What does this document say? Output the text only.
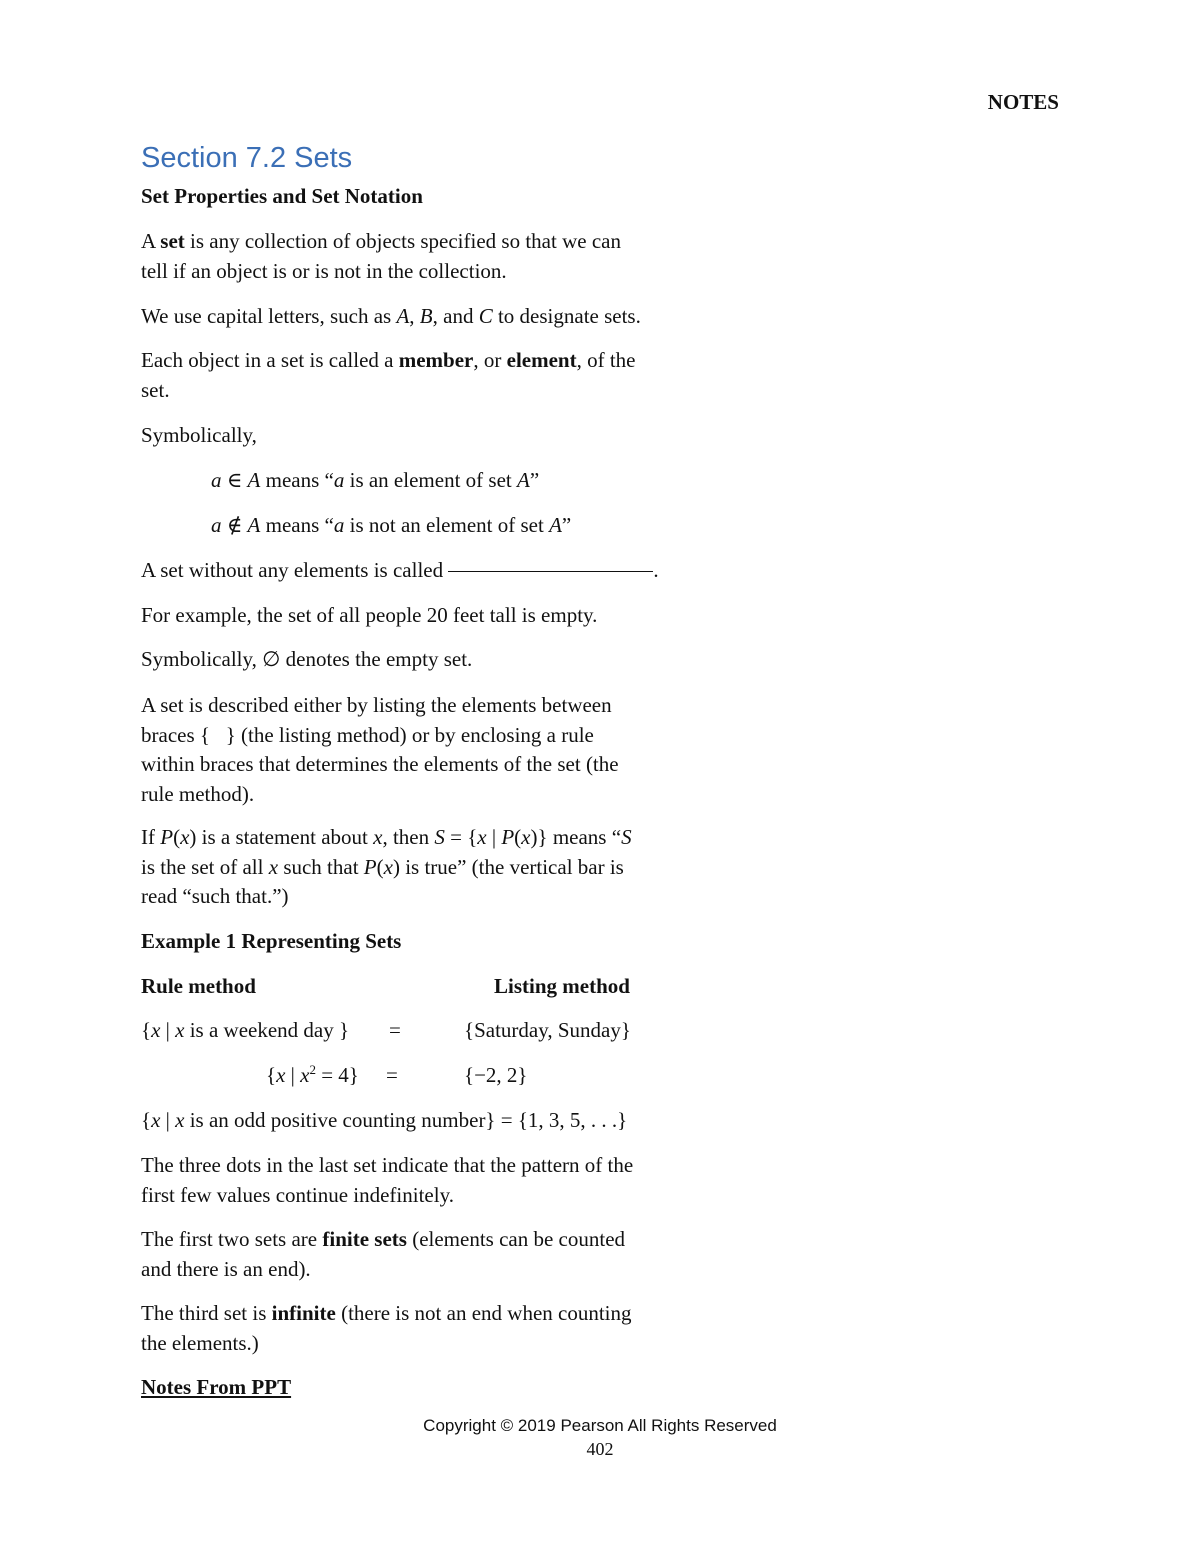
NOTES
Section 7.2 Sets
Set Properties and Set Notation
A set is any collection of objects specified so that we can
tell if an object is or is not in the collection.
We use capital letters, such as A, B, and C to designate sets.
Each object in a set is called a member, or element, of the
set.
Symbolically,
a ∈ A means “a is an element of set A”
a ∉ A means “a is not an element of set A”
A set without any elements is called	.
For example, the set of all people 20 feet tall is empty.
Symbolically, ∅ denotes the empty set.
A set is described either by listing the elements between
braces {   } (the listing method) or by enclosing a rule
within braces that determines the elements of the set (the
rule method).
If P(x) is a statement about x, then S = {x | P(x)} means “S
is the set of all x such that P(x) is true” (the vertical bar is
read “such that.”)
Example 1 Representing Sets
Rule method	Listing method
{x | x is a weekend day } =	{Saturday, Sunday}
{x | $x^2 = 4$} =	{−2, 2}
{x | x is an odd positive counting number} = {1, 3, 5, . . .}
The three dots in the last set indicate that the pattern of the
first few values continue indefinitely.
The first two sets are finite sets (elements can be counted
and there is an end).
The third set is infinite (there is not an end when counting
the elements.)
Notes From PPT
Copyright © 2019 Pearson All Rights Reserved
402
